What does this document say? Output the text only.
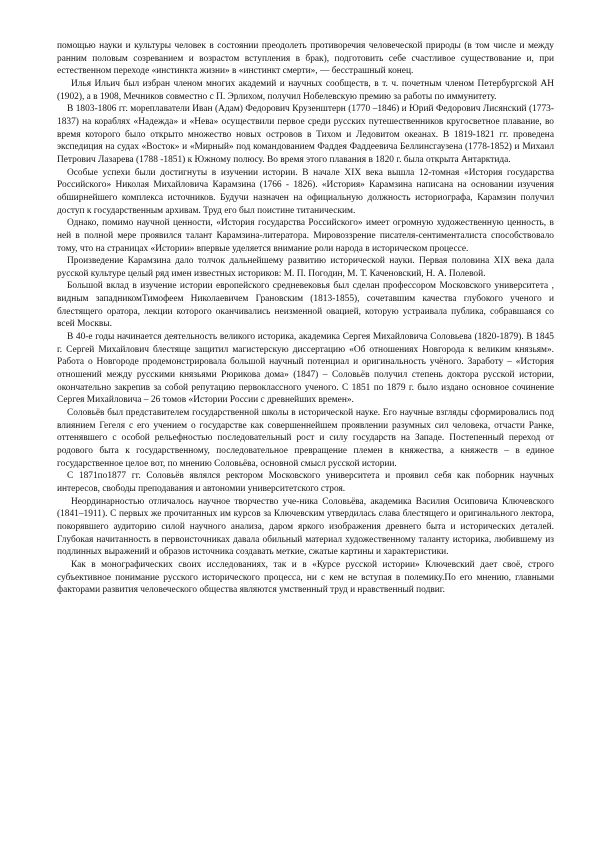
помощью науки и культуры человек в состоянии преодолеть противоречия человеческой природы (в том числе и между ранним половым созреванием и возрастом вступления в брак), подготовить себе счастливое существование и, при естественном переходе «инстинкта жизни» в «инстинкт смерти», — бесстрашный конец.

Илья Ильич был избран членом многих академий и научных сообществ, в т. ч. почетным членом Петербургской АН (1902), а в 1908, Мечников совместно с П. Эрлихом, получил Нобелевскую премию за работы по иммунитету.

В 1803-1806 гг. мореплаватели Иван (Адам) Федорович Крузенштерн (1770 –1846) и Юрий Федорович Лисянский (1773-1837) на кораблях «Надежда» и «Нева» осуществили первое среди русских путешественников кругосветное плавание, во время которого было открыто множество новых островов в Тихом и Ледовитом океанах. В 1819-1821 гг. проведена экспедиция на судах «Восток» и «Мирный» под командованием Фаддея Фаддеевича Беллинсгаузена (1778-1852) и Михаил Петрович Лазарева (1788 -1851) к Южному полюсу. Во время этого плавания в 1820 г. была открыта Антарктида.

Особые успехи были достигнуты в изучении истории. В начале XIX века вышла 12-томная «История государства Российского» Николая Михайловича Карамзина (1766 - 1826). «История» Карамзина написана на основании изучения обширнейшего комплекса источников. Будучи назначен на официальную должность историографа, Карамзин получил доступ к государственным архивам. Труд его был поистине титаническим.

Однако, помимо научной ценности, «История государства Российского» имеет огромную художественную ценность, в ней в полной мере проявился талант Карамзина-литератора. Мировоззрение писателя-сентименталиста способствовало тому, что на страницах «Истории» впервые уделяется внимание роли народа в историческом процессе.

Произведение Карамзина дало толчок дальнейшему развитию исторической науки. Первая половина XIX века дала русской культуре целый ряд имен известных историков: М. П. Погодин, М. Т. Каченовский, Н. А. Полевой.

Большой вклад в изучение истории европейского средневековья был сделан профессором Московского университета , видным западникомТимофеем Николаевичем Грановским (1813-1855), сочетавшим качества глубокого ученого и блестящего оратора, лекции которого оканчивались неизменной овацией, которую устраивала публика, собравшаяся со всей Москвы.

В 40-е годы начинается деятельность великого историка, академика Сергея Михайловича Соловьева (1820-1879). В 1845 г. Сергей Михайлович блестяще защитил магистерскую диссертацию «Об отношениях Новгорода к великим князьям». Работа о Новгороде продемонстрировала большой научный потенциал и оригинальность учёного. Заработу – «История отношений между русскими князьями Рюрикова дома» (1847) – Соловьёв получил степень доктора русской истории, окончательно закрепив за собой репутацию первоклассного ученого. С 1851 по 1879 г. было издано основное сочинение Сергея Михайловича – 26 томов «Истории России с древнейших времен».

Соловьёв был представителем государственной школы в исторической науке. Его научные взгляды сформировались под влиянием Гегеля с его учением о государстве как совершеннейшем проявлении разумных сил человека, отчасти Ранке, оттенявшего с особой рельефностью последовательный рост и силу государств на Западе. Постепенный переход от родового быта к государственному, последовательное превращение племен в княжества, а княжеств – в единое государственное целое вот, по мнению Соловьёва, основной смысл русской истории.

С 1871по1877 гг. Соловьёв являлся ректором Московского университета и проявил себя как поборник научных интересов, свободы преподавания и автономии университетского строя.

Неординарностью отличалось научное творчество уче-ника Соловьёва, академика Василия Осиповича Ключевского (1841–1911). С первых же прочитанных им курсов за Ключевским утвердилась слава блестящего и оригинального лектора, покорявшего аудиторию силой научного анализа, даром яркого изображения древнего быта и исторических деталей. Глубокая начитанность в первоисточниках давала обильный материал художественному таланту историка, любившему из подлинных выражений и образов источника создавать меткие, сжатые картины и характеристики.

Как в монографических своих исследованиях, так и в «Курсе русской истории» Ключевский дает своё, строго субъективное понимание русского исторического процесса, ни с кем не вступая в полемику.По его мнению, главными факторами развития человеческого общества являются умственный труд и нравственный подвиг.
